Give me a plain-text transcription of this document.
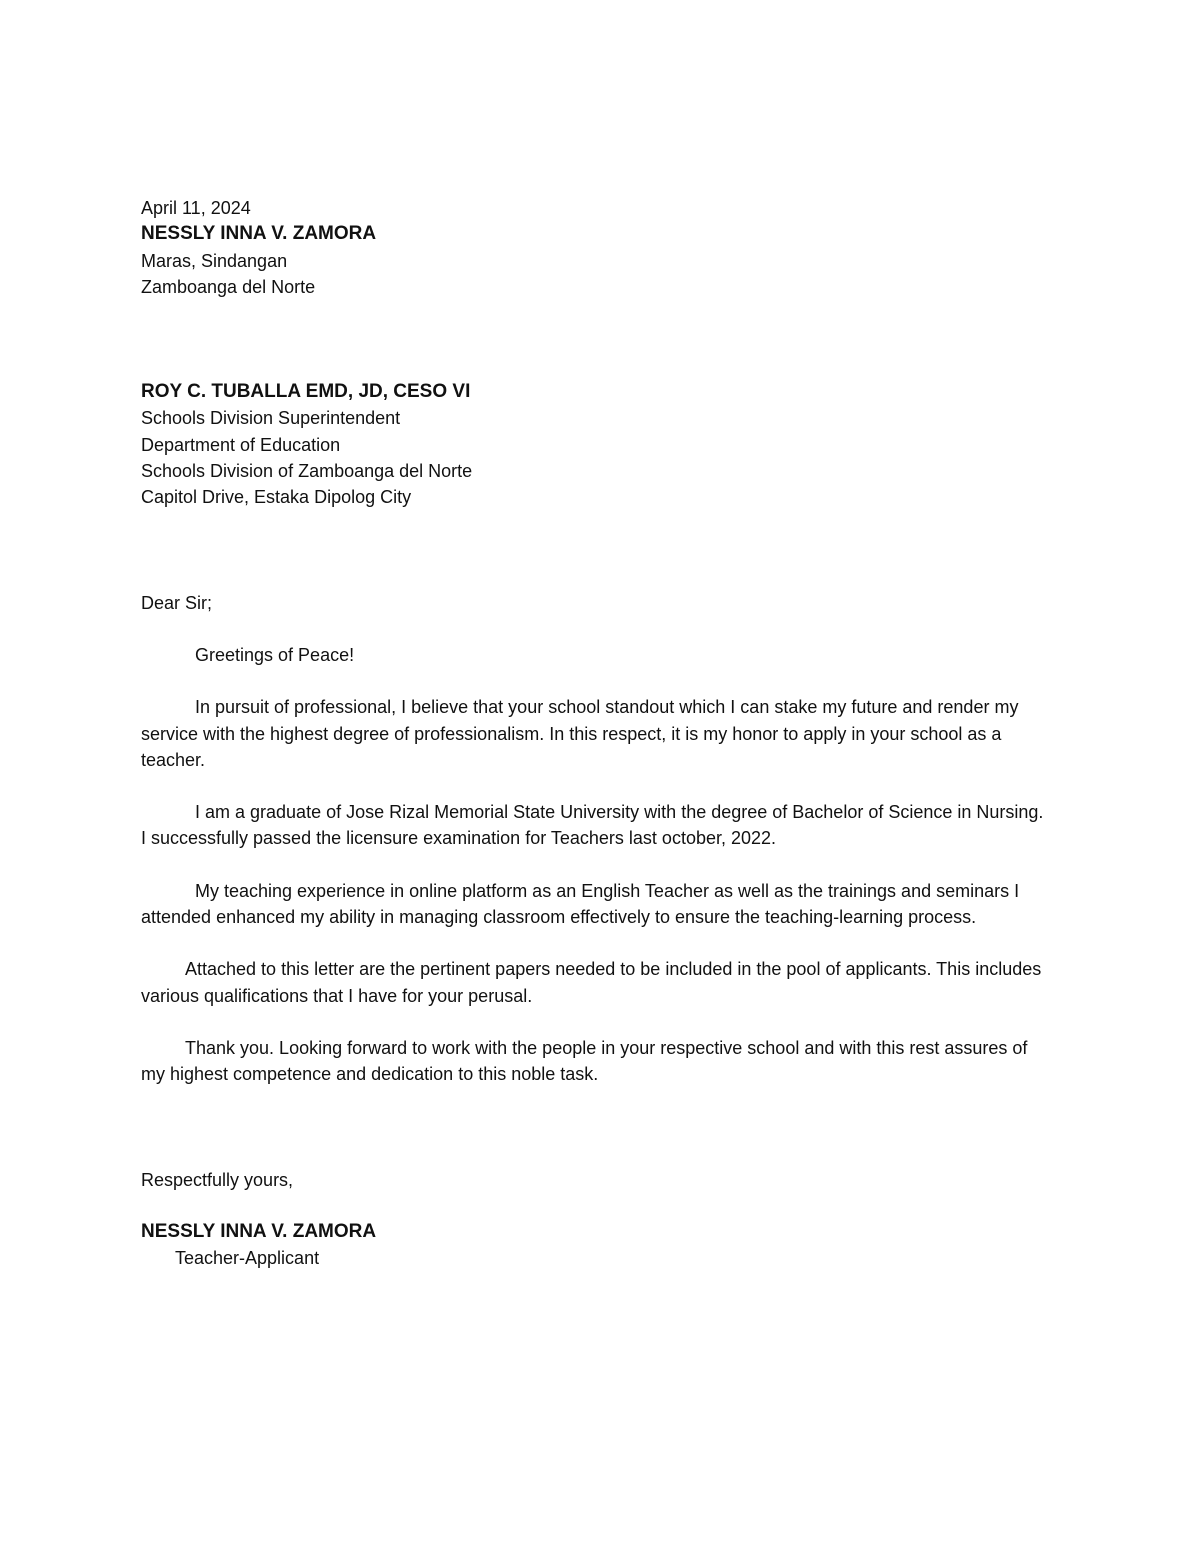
April 11, 2024
NESSLY INNA V. ZAMORA
Maras, Sindangan
Zamboanga del Norte
ROY C. TUBALLA EMD, JD, CESO VI
Schools Division Superintendent
Department of Education
Schools Division of Zamboanga del Norte
Capitol Drive, Estaka Dipolog City
Dear Sir;
Greetings of Peace!
In pursuit of professional, I believe that your school standout which I can stake my future and render my service with the highest degree of professionalism. In this respect, it is my honor to apply in your school as a teacher.
I am a graduate of Jose Rizal Memorial State University with the degree of Bachelor of Science in Nursing. I successfully passed the licensure examination for Teachers last october, 2022.
My teaching experience in online platform as an English Teacher as well as the trainings and seminars I attended enhanced my ability in managing classroom effectively to ensure the teaching-learning process.
Attached to this letter are the pertinent papers needed to be included in the pool of applicants. This includes various qualifications that I have for your perusal.
Thank you. Looking forward to work with the people in your respective school and with this rest assures of my highest competence and dedication to this noble task.
Respectfully yours,
NESSLY INNA V. ZAMORA
Teacher-Applicant
